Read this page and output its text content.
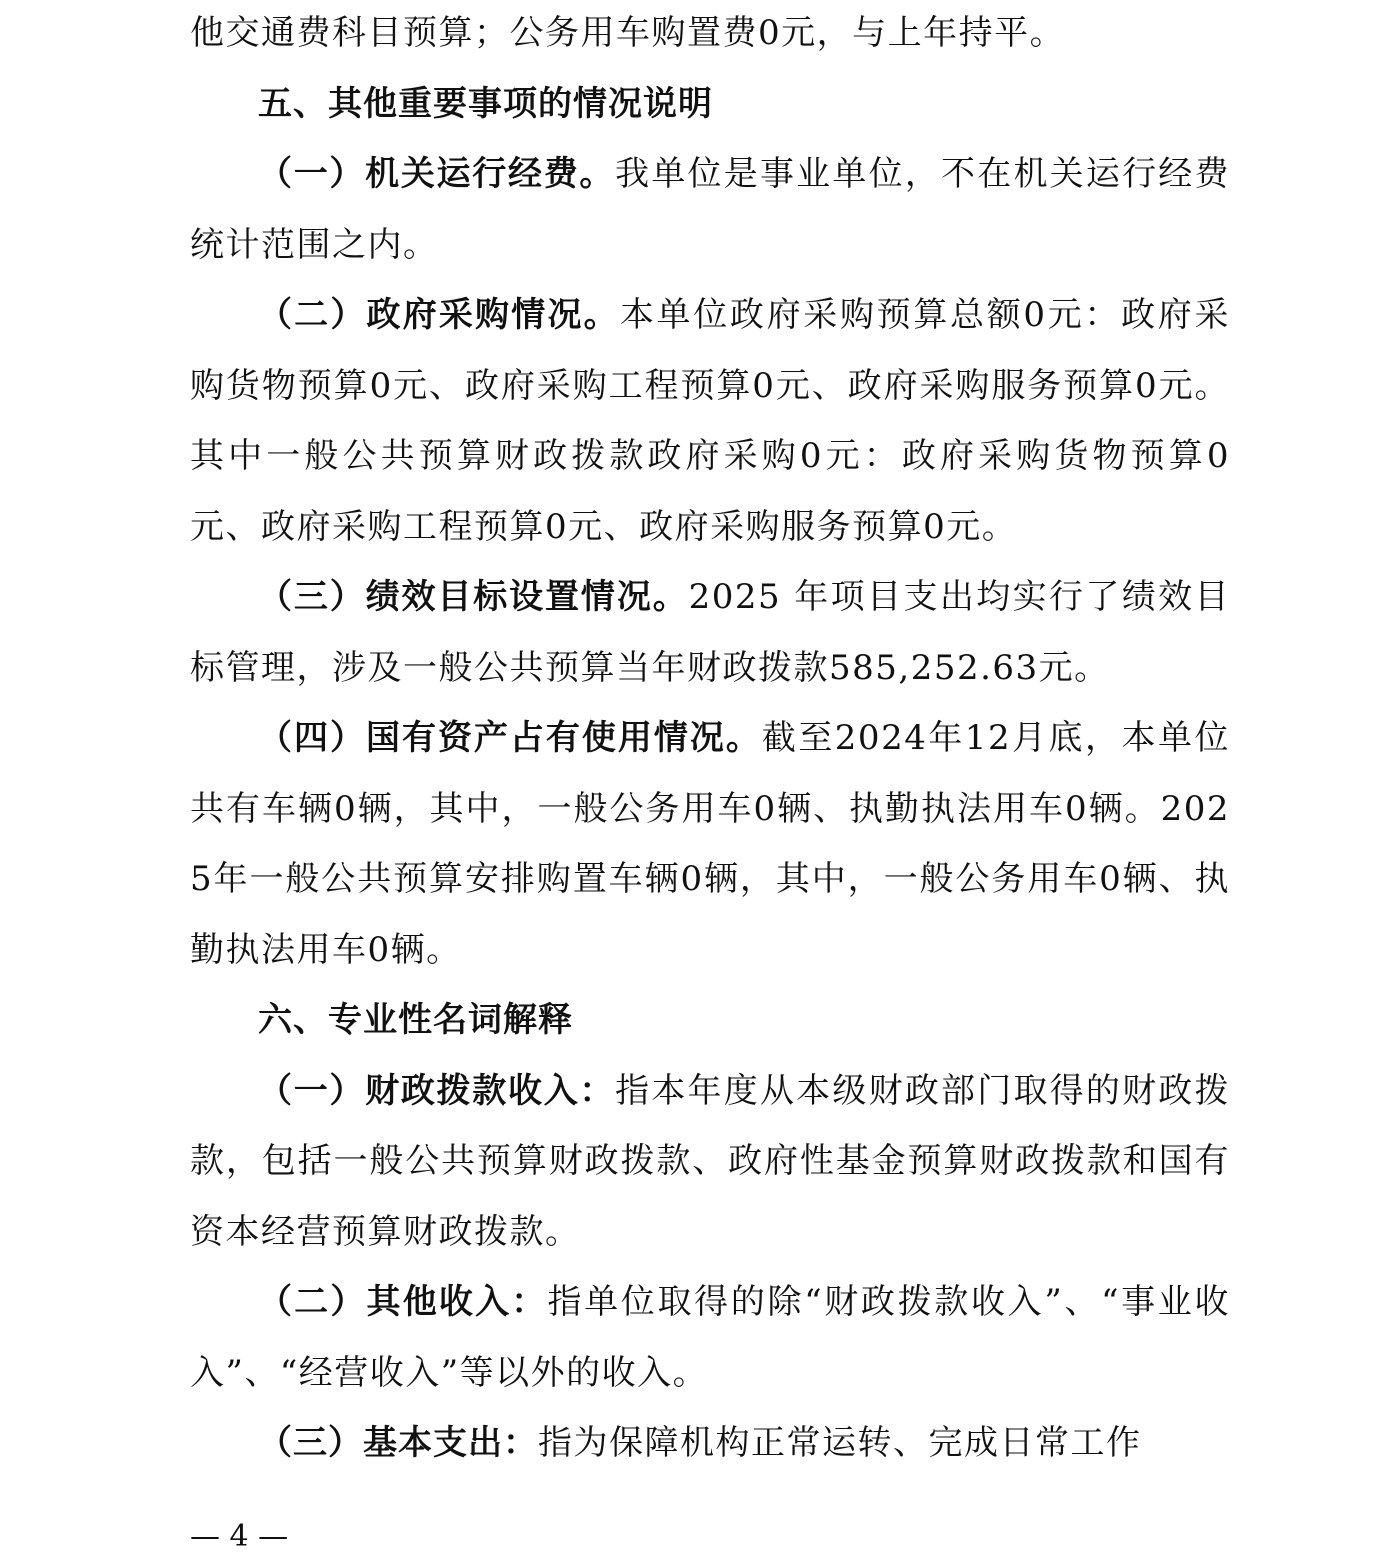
他交通费科目预算；公务用车购置费0元，与上年持平。

五、其他重要事项的情况说明

（一）机关运行经费。我单位是事业单位，不在机关运行经费统计范围之内。

（二）政府采购情况。本单位政府采购预算总额0元：政府采购货物预算0元、政府采购工程预算0元、政府采购服务预算0元。其中一般公共预算财政拨款政府采购0元：政府采购货物预算0元、政府采购工程预算0元、政府采购服务预算0元。

（三）绩效目标设置情况。2025 年项目支出均实行了绩效目标管理，涉及一般公共预算当年财政拨款585,252.63元。

（四）国有资产占有使用情况。截至2024年12月底，本单位共有车辆0辆，其中，一般公务用车0辆、执勤执法用车0辆。2025年一般公共预算安排购置车辆0辆，其中，一般公务用车0辆、执勤执法用车0辆。

六、专业性名词解释

（一）财政拨款收入：指本年度从本级财政部门取得的财政拨款，包括一般公共预算财政拨款、政府性基金预算财政拨款和国有资本经营预算财政拨款。

（二）其他收入：指单位取得的除“财政拨款收入”、“事业收入”、“经营收入”等以外的收入。

（三）基本支出：指为保障机构正常运转、完成日常工作

— 4 —
